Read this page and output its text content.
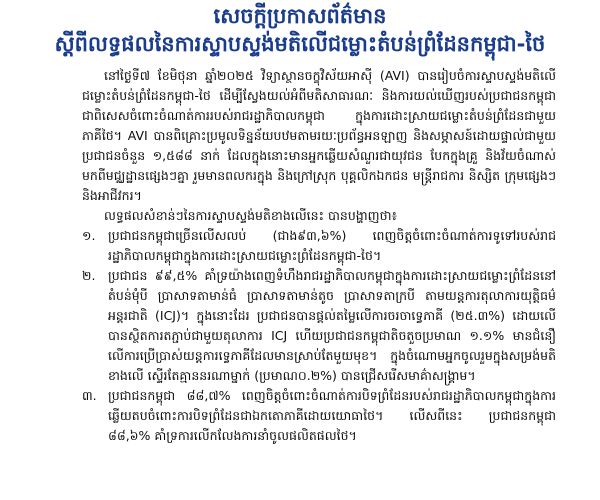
សេចក្តីប្រកាសព័ត៌មាន
ស្តីពីលទ្ធផលនៃការស្ទាបស្ទង់មតិលើជម្លោះតំបន់ព្រំដែនកម្ពុជា-ថៃ

នៅថ្ងៃទី៧ ខែមិថុនា ឆ្នាំ២០២៥ វិទ្យាស្ថានចក្ខុវិស័យអាស៊ី (AVI) បានរៀបចំការស្ទាបស្ទង់មតិលើជម្លោះតំបន់ព្រំដែនកម្ពុជា-ថៃ ដើម្បីស្វែងយល់អំពីមតិសាធារណៈ និងការយល់ឃើញរបស់ប្រជាជនកម្ពុជា ជាពិសេសចំពោះចំណាត់ការរបស់រាជរដ្ឋាភិបាលកម្ពុជា ក្នុងការដោះស្រាយជម្លោះតំបន់ព្រំដែនជាមួយភាគីថៃ។ AVI បានពិគ្រោះប្រមូលទិន្នន័យបឋមតាមរយៈប្រព័ន្ធអនឡាញ និងសម្ភាសន៍ដោយផ្ទាល់ជាមួយប្រជាជនចំនួន ១,៥៨៨ នាក់ ដែលក្នុងនោះមានអ្នកឆ្លើយសំណួរជាយុវជន បែកក្នុងគ្រួ និងវ័យចំណាស់ មកពីមជ្ឈដ្ឋានផ្សេងៗគ្នា រួមមានពលករក្នុង និងក្រៅស្រុក បុគ្គលិកឯកជន មន្ត្រីរាជការ និស្សិត ក្រុមផ្សេងៗ និងអាជីវករ។

លទ្ធផលសំខាន់ៗនៃការស្ទាបស្ទង់មតិខាងលើនេះ បានបង្ហាញថា៖

១.	ប្រជាជនកម្ពុជាច្រើនលើសលប់ (ជាង៩៣,៦%) ពេញចិត្តចំពោះចំណាត់ការទូទៅរបស់រាជរដ្ឋាភិបាលកម្ពុជាក្នុងការដោះស្រាយជម្លោះព្រំដែនកម្ពុជា-ថៃ។

២.	ប្រជាជន ៩៩,៥% គាំទ្រយ៉ាងពេញទំហឹងរាជរដ្ឋាភិបាលកម្ពុជាក្នុងការដោះស្រាយជម្លោះព្រំដែននៅតំបន់មុំបី ប្រាសាទតាមាន់ធំ ប្រាសាទតាមាន់តូច ប្រាសាទតាក្របី តាមយន្តការតុលាការយុត្តិធម៌អន្តរជាតិ (ICJ)។ ក្នុងនោះដែរ ប្រជាជនបានផ្តល់តម្លៃលើការចរចាទ្វេភាគី (២៥.៣%) ដោយលើបានស្ថិតការតភ្ជាប់ជាមួយតុលាការ ICJ ហើយប្រជាជនកម្ពុជាតិចតួចប្រមាណ ១.១% មានជំនឿលើការប្រើប្រាស់យន្តការទ្វេភាគីដែលមានស្រាប់តែមួយមុខ។ ក្នុងចំណោមអ្នកចូលរួមក្នុងសម្រង់មតិខាងលើ ស្ទើរតែគ្មាននរណាម្នាក់ (ប្រមាណ០.២%) បានជ្រើសរើសមាគ៌ាសង្គ្រាម។

៣. ប្រជាជនកម្ពុជា ៨៨,៧% ពេញចិត្តចំពោះចំណាត់ការបិទព្រំដែនរបស់រាជរដ្ឋាភិបាលកម្ពុជាក្នុងការឆ្លើយតបចំពោះការបិទព្រំដែនជាឯកតោភាគីដោយយោធាថៃ។ លើសពីនេះ ប្រជាជនកម្ពុជា ៨៨,៦% គាំទ្រការលើកលែងការនាំចូលផលិតផលថៃ។
